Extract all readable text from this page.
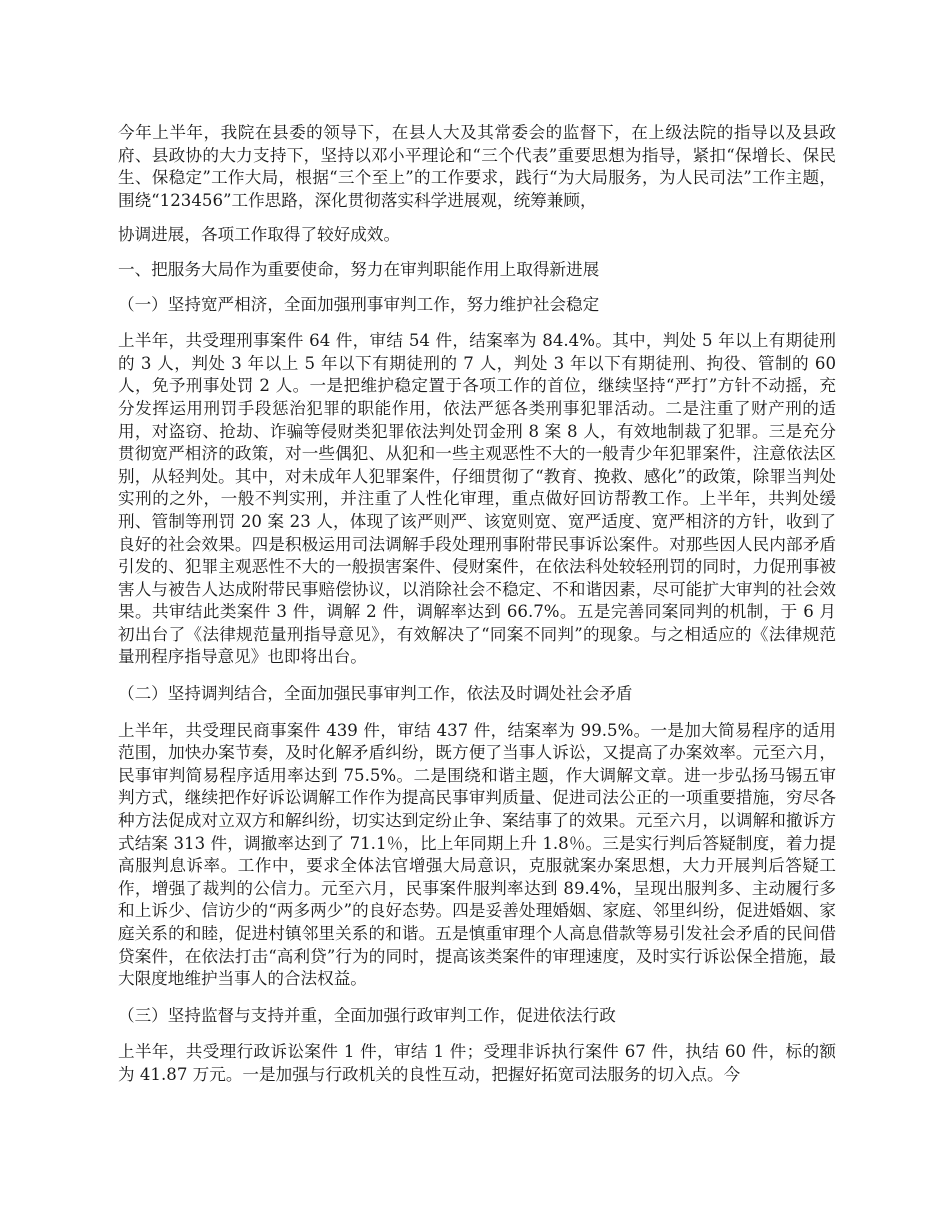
今年上半年，我院在县委的领导下，在县人大及其常委会的监督下，在上级法院的指导以及县政府、县政协的大力支持下，坚持以邓小平理论和“三个代表”重要思想为指导，紧扣“保增长、保民生、保稳定”工作大局，根据“三个至上”的工作要求，践行“为大局服务，为人民司法”工作主题，围绕“123456”工作思路，深化贯彻落实科学进展观，统筹兼顾，

协调进展，各项工作取得了较好成效。

一、把服务大局作为重要使命，努力在审判职能作用上取得新进展

（一）坚持宽严相济，全面加强刑事审判工作，努力维护社会稳定

上半年，共受理刑事案件 64 件，审结 54 件，结案率为 84.4%。其中，判处 5 年以上有期徒刑的 3 人，判处 3 年以上 5 年以下有期徒刑的 7 人，判处 3 年以下有期徒刑、拘役、管制的 60 人，免予刑事处罚 2 人。一是把维护稳定置于各项工作的首位，继续坚持“严打”方针不动摇，充分发挥运用刑罚手段惩治犯罪的职能作用，依法严惩各类刑事犯罪活动。二是注重了财产刑的适用，对盗窃、抢劫、诈骗等侵财类犯罪依法判处罚金刑 8 案 8 人，有效地制裁了犯罪。三是充分贯彻宽严相济的政策，对一些偶犯、从犯和一些主观恶性不大的一般青少年犯罪案件，注意依法区别，从轻判处。其中，对未成年人犯罪案件，仔细贯彻了“教育、挽救、感化”的政策，除罪当判处实刑的之外，一般不判实刑，并注重了人性化审理，重点做好回访帮教工作。上半年，共判处缓刑、管制等刑罚 20 案 23 人，体现了该严则严、该宽则宽、宽严适度、宽严相济的方针，收到了良好的社会效果。四是积极运用司法调解手段处理刑事附带民事诉讼案件。对那些因人民内部矛盾引发的、犯罪主观恶性不大的一般损害案件、侵财案件，在依法科处较轻刑罚的同时，力促刑事被害人与被告人达成附带民事赔偿协议，以消除社会不稳定、不和谐因素，尽可能扩大审判的社会效果。共审结此类案件 3 件，调解 2 件，调解率达到 66.7%。五是完善同案同判的机制，于 6 月初出台了《法律规范量刑指导意见》，有效解决了“同案不同判”的现象。与之相适应的《法律规范量刑程序指导意见》也即将出台。

（二）坚持调判结合，全面加强民事审判工作，依法及时调处社会矛盾

上半年，共受理民商事案件 439 件，审结 437 件，结案率为 99.5%。一是加大简易程序的适用范围，加快办案节奏，及时化解矛盾纠纷，既方便了当事人诉讼，又提高了办案效率。元至六月，民事审判简易程序适用率达到 75.5%。二是围绕和谐主题，作大调解文章。进一步弘扬马锡五审判方式，继续把作好诉讼调解工作作为提高民事审判质量、促进司法公正的一项重要措施，穷尽各种方法促成对立双方和解纠纷，切实达到定纷止争、案结事了的效果。元至六月，以调解和撤诉方式结案 313 件，调撤率达到了 71.1％，比上年同期上升 1.8％。三是实行判后答疑制度，着力提高服判息诉率。工作中，要求全体法官增强大局意识，克服就案办案思想，大力开展判后答疑工作，增强了裁判的公信力。元至六月，民事案件服判率达到 89.4%，呈现出服判多、主动履行多和上诉少、信访少的“两多两少”的良好态势。四是妥善处理婚姻、家庭、邻里纠纷，促进婚姻、家庭关系的和睦，促进村镇邻里关系的和谐。五是慎重审理个人高息借款等易引发社会矛盾的民间借贷案件，在依法打击“高利贷”行为的同时，提高该类案件的审理速度，及时实行诉讼保全措施，最大限度地维护当事人的合法权益。

（三）坚持监督与支持并重，全面加强行政审判工作，促进依法行政

上半年，共受理行政诉讼案件 1 件，审结 1 件；受理非诉执行案件 67 件，执结 60 件，标的额为 41.87 万元。一是加强与行政机关的良性互动，把握好拓宽司法服务的切入点。今
